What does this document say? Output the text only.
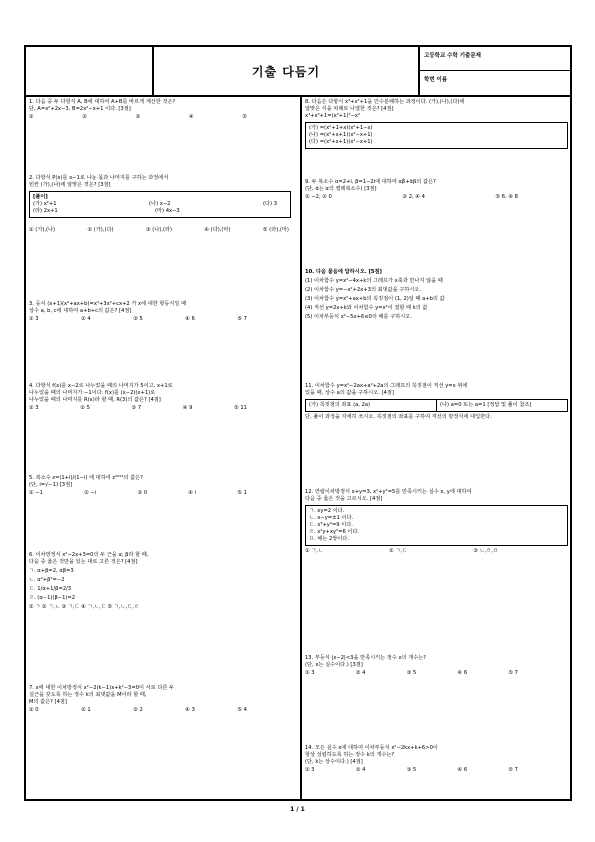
기출 다듬기
고등학교 수학 기출문제
학번 이름

1. 다음 중 두 다항식 A, B에 대하여 A+B를 바르게 계산한 것은?

단, A=x²+2x−3, B=2x²−x+1 이다. [3점]

①	②	③	④	⑤

2. 다항식 P(x)를 x−1로 나눈 몫과 나머지를 구하는 과정에서

빈칸 (가),(나)에 알맞은 것은? [3점]

[풀이]
(가) x²+1	(나) x−2	(다) 3
(라) 2x+1	(마) 4x−3
① (가),(나)	② (가),(다)	③ (나),(라)	④ (다),(마)	⑤ (라),(마)

3. 등식 (x+1)(x²+ax+b)=x³+3x²+cx+2 가 x에 대한 항등식일 때

상수 a, b, c에 대하여 a+b+c의 값은? [4점]

① 3	② 4	③ 5	④ 6	⑤ 7

4. 다항식 f(x)를 x−2로 나누었을 때의 나머지가 5이고, x+1로

나누었을 때의 나머지가 −1이다. f(x)를 (x−2)(x+1)로

나누었을 때의 나머지를 R(x)라 할 때, R(3)의 값은? [4점]

① 3	② 5	③ 7	④ 9	⑤ 11

5. 복소수 z=(1+i)/(1−i) 에 대하여 z²⁰²⁴의 값은?

(단, i=√−1) [3점]

① −1	② −i	③ 0	④ i	⑤ 1

6. 이차방정식 x²−2x+3=0의 두 근을 α, β라 할 때,

다음 중 옳은 것만을 있는 대로 고른 것은? [4점]

ㄱ. α+β=2, αβ=3
ㄴ. α²+β²=−2
ㄷ. 1/α+1/β=2/3
ㄹ. (α−1)(β−1)=2
① ㄱ ② ㄱ,ㄴ ③ ㄱ,ㄷ ④ ㄱ,ㄴ,ㄷ ⑤ ㄱ,ㄴ,ㄷ,ㄹ

7. x에 대한 이차방정식 x²−2(k−1)x+k²−3=0이 서로 다른 두

실근을 갖도록 하는 정수 k의 최댓값을 M이라 할 때,

M의 값은? [4점]

① 0	② 1	③ 2	④ 3	⑤ 4

8. 다음은 다항식 x⁴+x²+1을 인수분해하는 과정이다. (가),(나),(다)에

알맞은 식을 차례로 나열한 것은? [4점]

x⁴+x²+1=(x²+1)²−x²

(가) =(x²+1+x)(x²+1−x)
(나) =(x²+x+1)(x²−x+1)
(다) =(x²+x+1)(x²−x+1)

9. 두 복소수 α=2+i, β=1−2i에 대하여 αβ̄+ᾱβ의 값은?

(단, ᾱ는 α의 켤레복소수) [3점]

① −2, ② 0	③ 2, ④ 4	⑤ 6, ⑥ 8

10. 다음 물음에 답하시오. [5점]

(1) 이차함수 y=x²−4x+k의 그래프가 x축과 만나지 않을 때
(2) 이차함수 y=−x²+2x+3의 최댓값을 구하시오.
(3) 이차함수 y=x²+ax+b의 꼭짓점이 (1, 2)일 때 a+b의 값
(4) 직선 y=2x+k와 이차함수 y=x²이 접할 때 k의 값
(5) 이차부등식 x²−5x+6≤0의 해를 구하시오.

11. 이차함수 y=x²−2ax+a²+2a의 그래프의 꼭짓점이 직선 y=x 위에

있을 때, 상수 a의 값을 구하시오. [4점]

(가) 꼭짓점의 좌표 (a, 2a)	(나) a=0 또는 a=1 [정답 및 풀이 참조]
단, 풀이 과정을 자세히 쓰시오. 꼭짓점의 좌표를 구하여 직선의 방정식에 대입한다.

12. 연립이차방정식 x+y=3, x²+y²=5를 만족시키는 실수 x, y에 대하여

다음 중 옳은 것을 고르시오. [4점]

ㄱ. xy=2 이다.
ㄴ. x−y=±1 이다.
ㄷ. x³+y³=9 이다.
ㄹ. x²y+xy²=6 이다.
ㅁ. 해는 2쌍이다.
① ㄱ,ㄴ	② ㄱ,ㄷ	③ ㄴ,ㄹ,ㅁ

13. 부등식 |x−2|<3을 만족시키는 정수 x의 개수는?

(단, x는 실수이다.) [3점]

① 3	② 4	③ 5	④ 6	⑤ 7

14. 모든 실수 x에 대하여 이차부등식 x²−2kx+k+6>0이

항상 성립하도록 하는 정수 k의 개수는?

(단, k는 상수이다.) [4점]

① 3	② 4	③ 5	④ 6	⑤ 7
1 / 1
